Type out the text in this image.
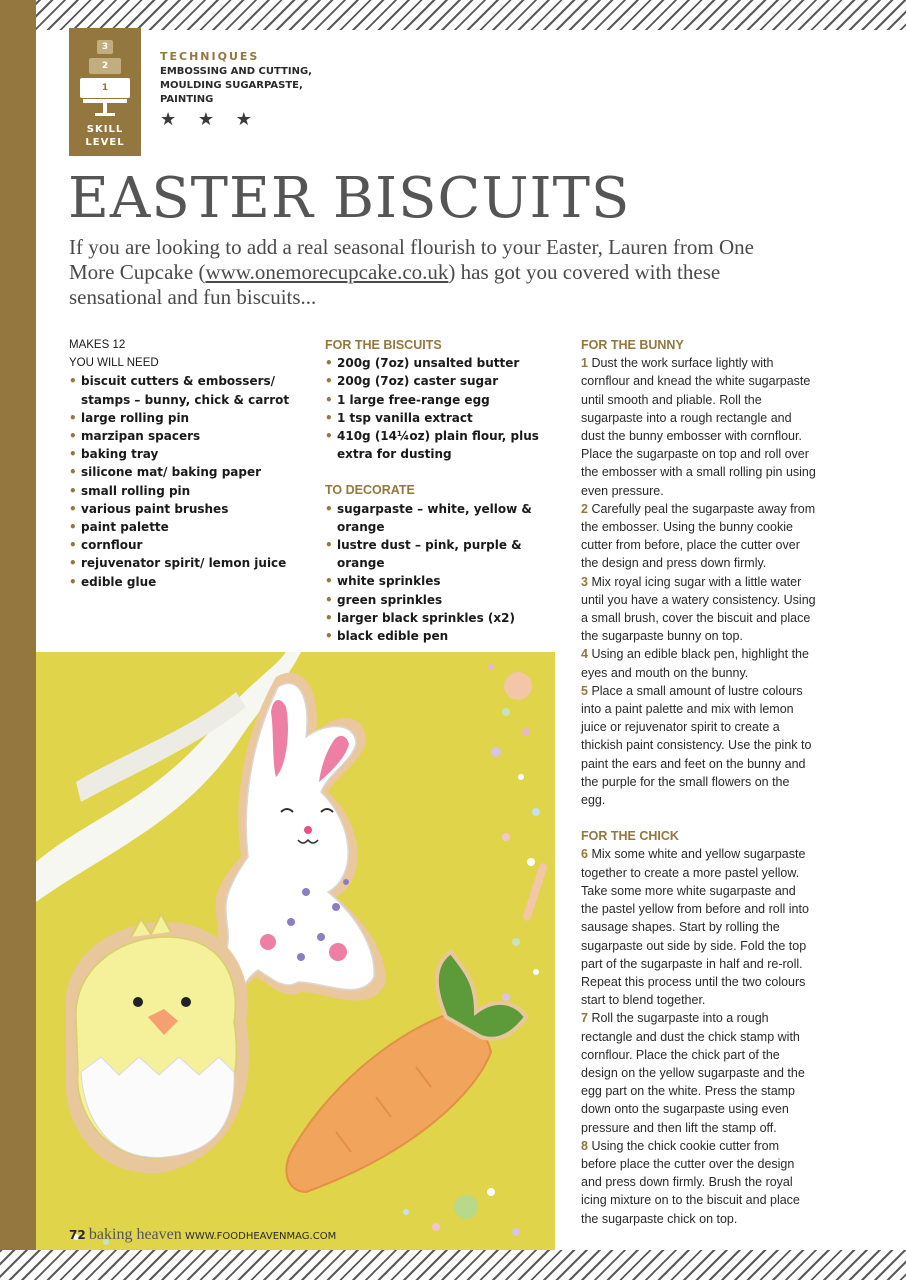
3
2
1
SKILL
LEVEL
TECHNIQUES
EMBOSSING AND CUTTING,
MOULDING SUGARPASTE,
PAINTING
★ ★ ★
EASTER BISCUITS

If you are looking to add a real seasonal flourish to your Easter, Lauren from One More Cupcake (www.onemorecupcake.co.uk) has got you covered with these sensational and fun biscuits...

MAKES 12
YOU WILL NEED
• biscuit cutters & embossers/ stamps – bunny, chick & carrot
• large rolling pin
• marzipan spacers
• baking tray
• silicone mat/ baking paper
• small rolling pin
• various paint brushes
• paint palette
• cornflour
• rejuvenator spirit/ lemon juice
• edible glue
FOR THE BISCUITS
• 200g (7oz) unsalted butter
• 200g (7oz) caster sugar
• 1 large free-range egg
• 1 tsp vanilla extract
• 410g (14¼oz) plain flour, plus extra for dusting
TO DECORATE
• sugarpaste – white, yellow & orange
• lustre dust – pink, purple & orange
• white sprinkles
• green sprinkles
• larger black sprinkles (x2)
• black edible pen
FOR THE BUNNY

1 Dust the work surface lightly with cornflour and knead the white sugarpaste until smooth and pliable. Roll the sugarpaste into a rough rectangle and dust the bunny embosser with cornflour. Place the sugarpaste on top and roll over the embosser with a small rolling pin using even pressure.

2 Carefully peal the sugarpaste away from the embosser. Using the bunny cookie cutter from before, place the cutter over the design and press down firmly.

3 Mix royal icing sugar with a little water until you have a watery consistency. Using a small brush, cover the biscuit and place the sugarpaste bunny on top.

4 Using an edible black pen, highlight the eyes and mouth on the bunny.

5 Place a small amount of lustre colours into a paint palette and mix with lemon juice or rejuvenator spirit to create a thickish paint consistency. Use the pink to paint the ears and feet on the bunny and the purple for the small flowers on the egg.

FOR THE CHICK

6 Mix some white and yellow sugarpaste together to create a more pastel yellow. Take some more white sugarpaste and the pastel yellow from before and roll into sausage shapes. Start by rolling the sugarpaste out side by side. Fold the top part of the sugarpaste in half and re-roll. Repeat this process until the two colours start to blend together.

7 Roll the sugarpaste into a rough rectangle and dust the chick stamp with cornflour. Place the chick part of the design on the yellow sugarpaste and the egg part on the white. Press the stamp down onto the sugarpaste using even pressure and then lift the stamp off.

8 Using the chick cookie cutter from before place the cutter over the design and press down firmly. Brush the royal icing mixture on to the biscuit and place the sugarpaste chick on top.

72 baking heaven WWW.FOODHEAVENMAG.COM
